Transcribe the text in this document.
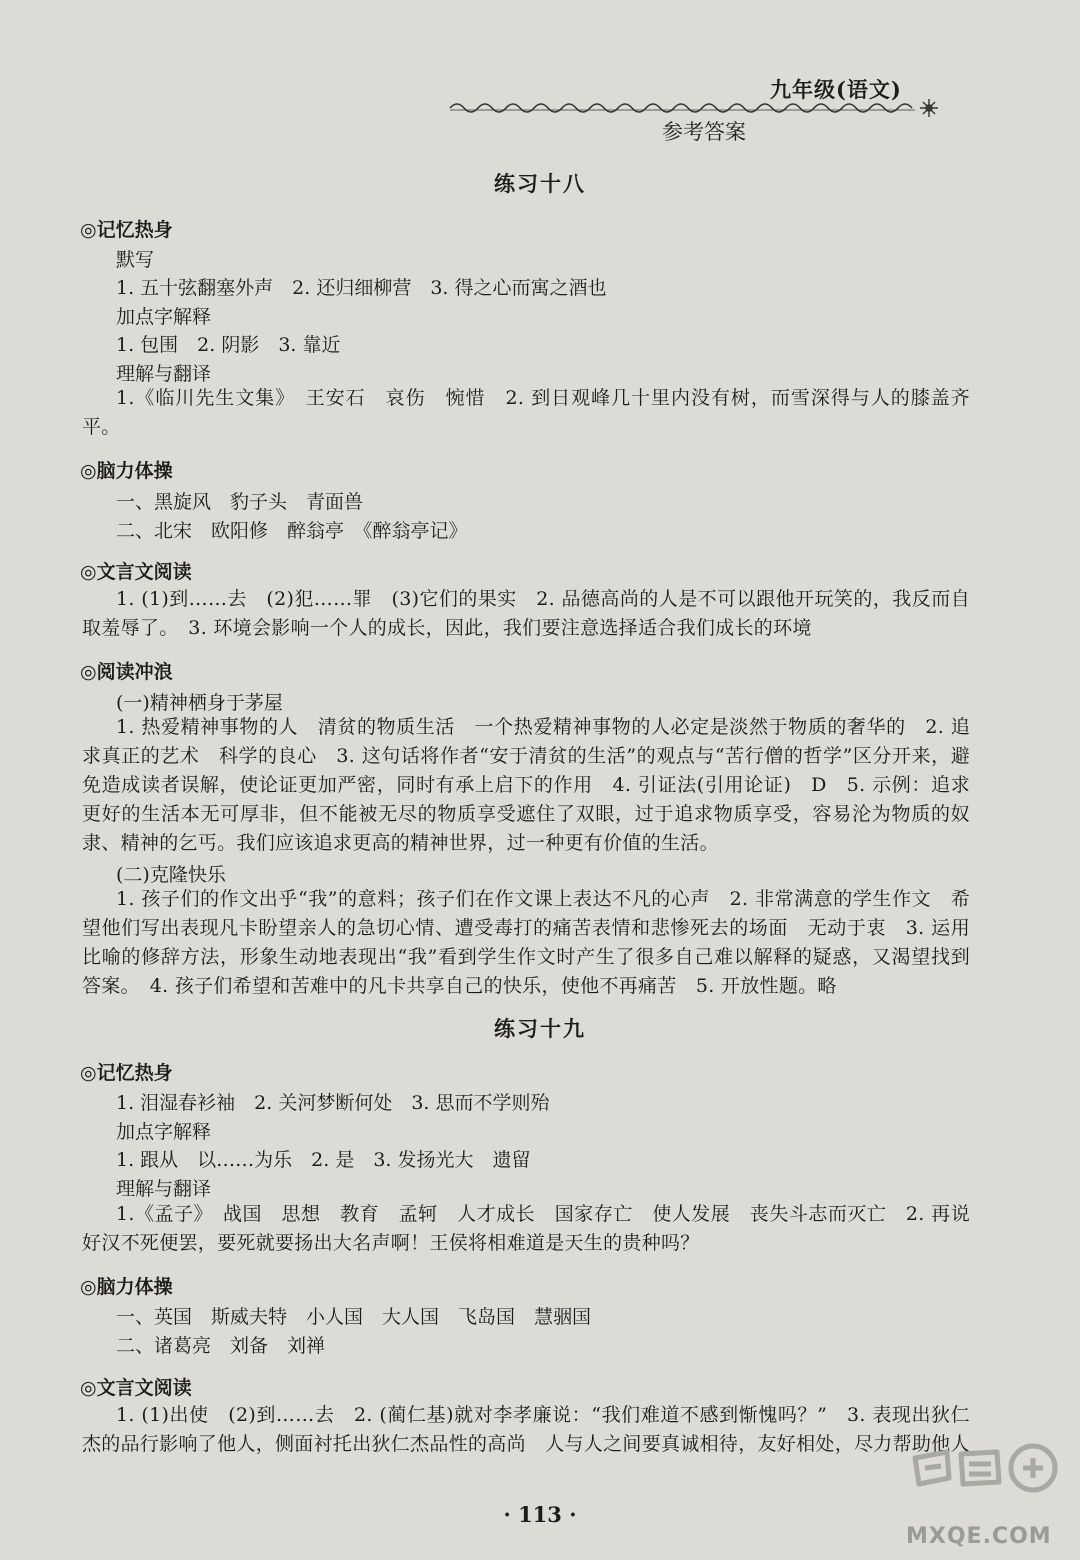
九年级(语文)
参考答案
练习十八
◎记忆热身
默写
1. 五十弦翻塞外声　2. 还归细柳营　3. 得之心而寓之酒也
加点字解释
1. 包围　2. 阴影　3. 靠近
理解与翻译
1.《临川先生文集》　王安石　哀伤　惋惜　2. 到日观峰几十里内没有树，而雪深得与人的膝盖齐平。
◎脑力体操
一、黑旋风　豹子头　青面兽
二、北宋　欧阳修　醉翁亭　《醉翁亭记》
◎文言文阅读
1. (1)到……去　(2)犯……罪　(3)它们的果实　2. 品德高尚的人是不可以跟他开玩笑的，我反而自取羞辱了。　3. 环境会影响一个人的成长，因此，我们要注意选择适合我们成长的环境
◎阅读冲浪
(一)精神栖身于茅屋
1. 热爱精神事物的人　清贫的物质生活　一个热爱精神事物的人必定是淡然于物质的奢华的　2. 追求真正的艺术　科学的良心　3. 这句话将作者“安于清贫的生活”的观点与“苦行僧的哲学”区分开来，避免造成读者误解，使论证更加严密，同时有承上启下的作用　4. 引证法(引用论证)　D　5. 示例：追求更好的生活本无可厚非，但不能被无尽的物质享受遮住了双眼，过于追求物质享受，容易沦为物质的奴隶、精神的乞丐。我们应该追求更高的精神世界，过一种更有价值的生活。
(二)克隆快乐
1. 孩子们的作文出乎“我”的意料；孩子们在作文课上表达不凡的心声　2. 非常满意的学生作文　希望他们写出表现凡卡盼望亲人的急切心情、遭受毒打的痛苦表情和悲惨死去的场面　无动于衷　3. 运用比喻的修辞方法，形象生动地表现出“我”看到学生作文时产生了很多自己难以解释的疑惑，又渴望找到答案。　4. 孩子们希望和苦难中的凡卡共享自己的快乐，使他不再痛苦　5. 开放性题。略
练习十九
◎记忆热身
1. 泪湿春衫袖　2. 关河梦断何处　3. 思而不学则殆
加点字解释
1. 跟从　以……为乐　2. 是　3. 发扬光大　遗留
理解与翻译
1.《孟子》　战国　思想　教育　孟轲　人才成长　国家存亡　使人发展　丧失斗志而灭亡　2. 再说好汉不死便罢，要死就要扬出大名声啊！王侯将相难道是天生的贵种吗？
◎脑力体操
一、英国　斯威夫特　小人国　大人国　飞岛国　慧骃国
二、诸葛亮　刘备　刘禅
◎文言文阅读
1. (1)出使　(2)到……去　2. (蔺仁基)就对李孝廉说：“我们难道不感到惭愧吗？”　3. 表现出狄仁杰的品行影响了他人，侧面衬托出狄仁杰品性的高尚　人与人之间要真诚相待，友好相处，尽力帮助他人
· 113 ·
MXQE.COM
